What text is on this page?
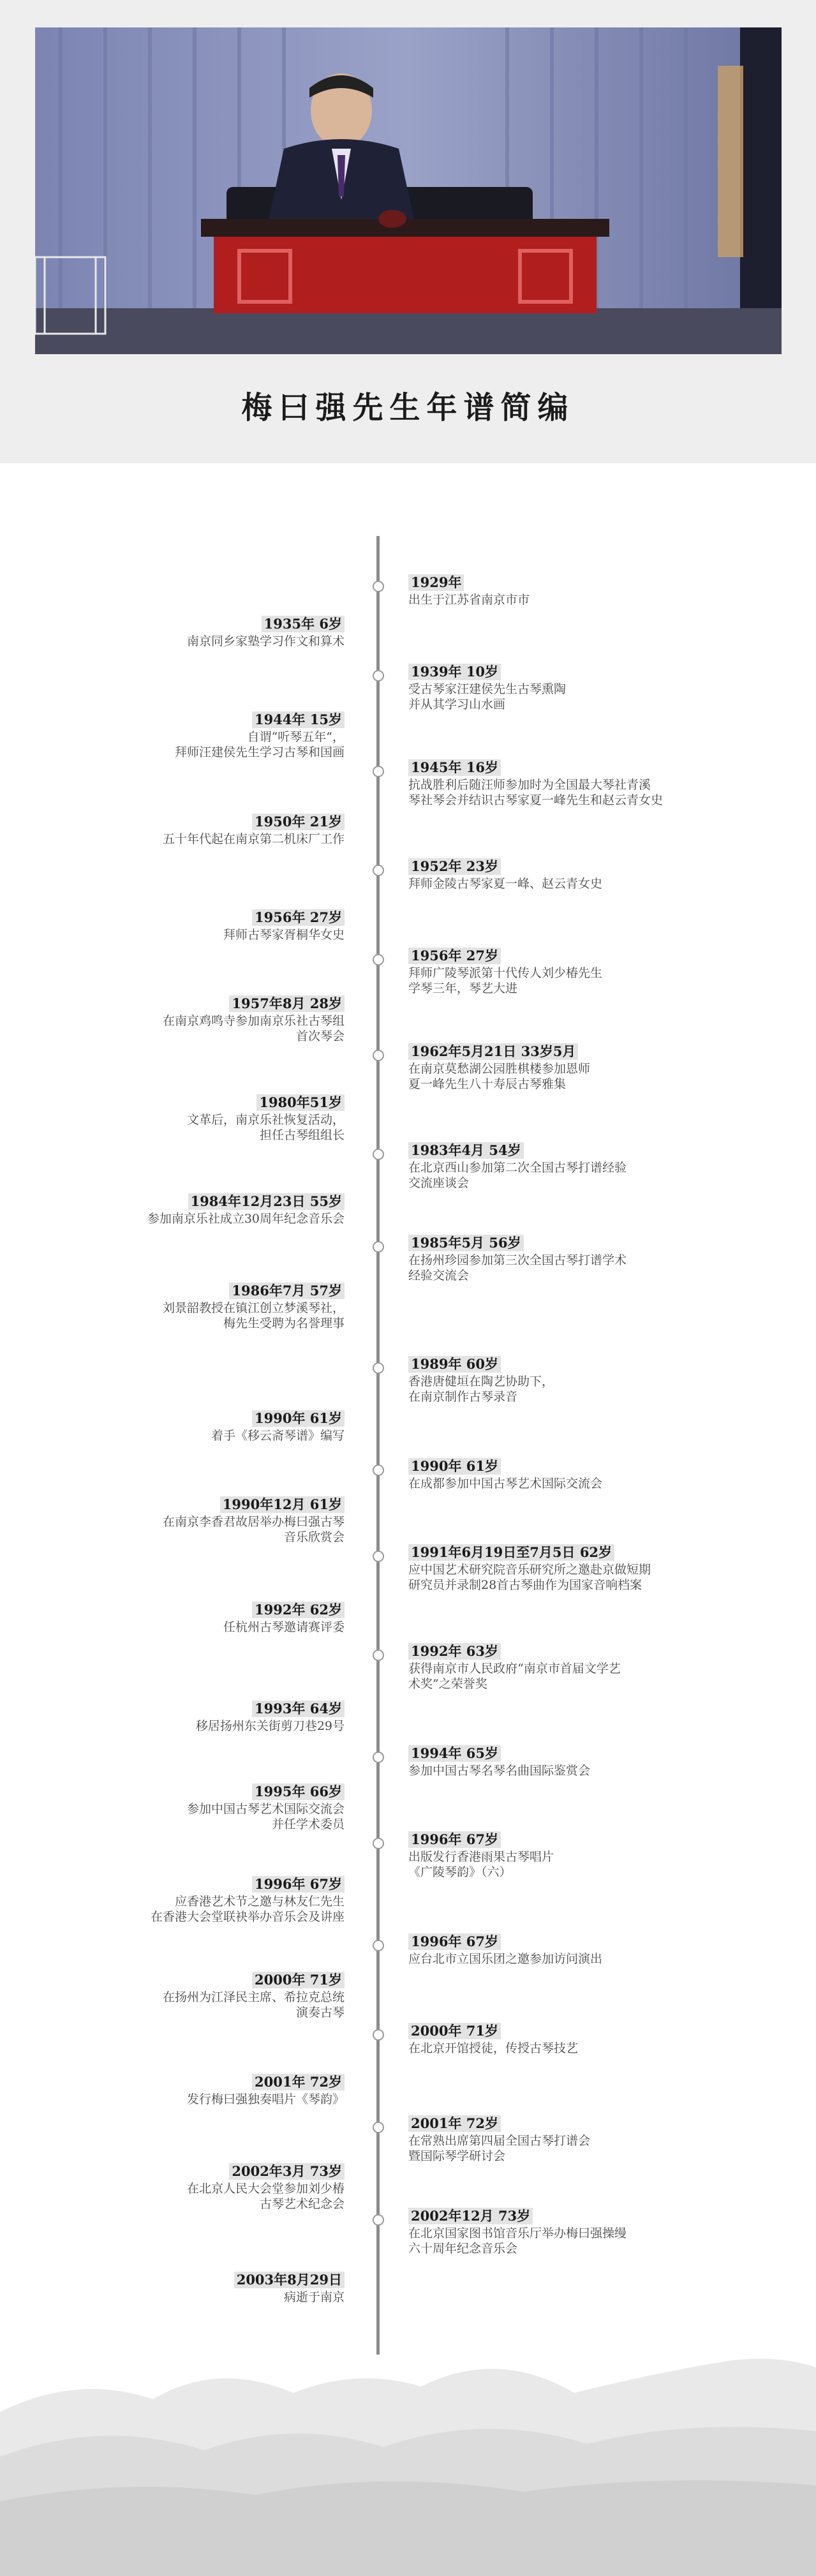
梅曰强先生年谱简编
1929年
出生于江苏省南京市市
1935年 6岁
南京同乡家塾学习作文和算术
1939年 10岁
受古琴家汪建侯先生古琴熏陶
并从其学习山水画
1944年 15岁
自谓“听琴五年”，
拜师汪建侯先生学习古琴和国画
1945年 16岁
抗战胜利后随汪师参加时为全国最大琴社青溪
琴社琴会并结识古琴家夏一峰先生和赵云青女史
1950年 21岁
五十年代起在南京第二机床厂工作
1952年 23岁
拜师金陵古琴家夏一峰、赵云青女史
1956年 27岁
拜师古琴家胥桐华女史
1956年 27岁
拜师广陵琴派第十代传人刘少椿先生
学琴三年，琴艺大进
1957年8月 28岁
在南京鸡鸣寺参加南京乐社古琴组
首次琴会
1962年5月21日 33岁5月
在南京莫愁湖公园胜棋楼参加恩师
夏一峰先生八十寿辰古琴雅集
1980年51岁
文革后，南京乐社恢复活动，
担任古琴组组长
1983年4月 54岁
在北京西山参加第二次全国古琴打谱经验
交流座谈会
1984年12月23日 55岁
参加南京乐社成立30周年纪念音乐会
1985年5月 56岁
在扬州珍园参加第三次全国古琴打谱学术
经验交流会
1986年7月 57岁
刘景韶教授在镇江创立梦溪琴社，
梅先生受聘为名誉理事
1989年 60岁
香港唐健垣在陶艺协助下，
在南京制作古琴录音
1990年 61岁
着手《移云斋琴谱》编写
1990年 61岁
在成都参加中国古琴艺术国际交流会
1990年12月 61岁
在南京李香君故居举办梅曰强古琴
音乐欣赏会
1991年6月19日至7月5日 62岁
应中国艺术研究院音乐研究所之邀赴京做短期
研究员并录制28首古琴曲作为国家音响档案
1992年 62岁
任杭州古琴邀请赛评委
1992年 63岁
获得南京市人民政府“南京市首届文学艺
术奖”之荣誉奖
1993年 64岁
移居扬州东关街剪刀巷29号
1994年 65岁
参加中国古琴名琴名曲国际鉴赏会
1995年 66岁
参加中国古琴艺术国际交流会
并任学术委员
1996年 67岁
出版发行香港雨果古琴唱片
《广陵琴韵》（六）
1996年 67岁
应香港艺术节之邀与林友仁先生
在香港大会堂联袂举办音乐会及讲座
1996年 67岁
应台北市立国乐团之邀参加访问演出
2000年 71岁
在扬州为江泽民主席、希拉克总统
演奏古琴
2000年 71岁
在北京开馆授徒，传授古琴技艺
2001年 72岁
发行梅曰强独奏唱片《琴韵》
2001年 72岁
在常熟出席第四届全国古琴打谱会
暨国际琴学研讨会
2002年3月 73岁
在北京人民大会堂参加刘少椿
古琴艺术纪念会
2002年12月 73岁
在北京国家图书馆音乐厅举办梅曰强操缦
六十周年纪念音乐会
2003年8月29日
病逝于南京
